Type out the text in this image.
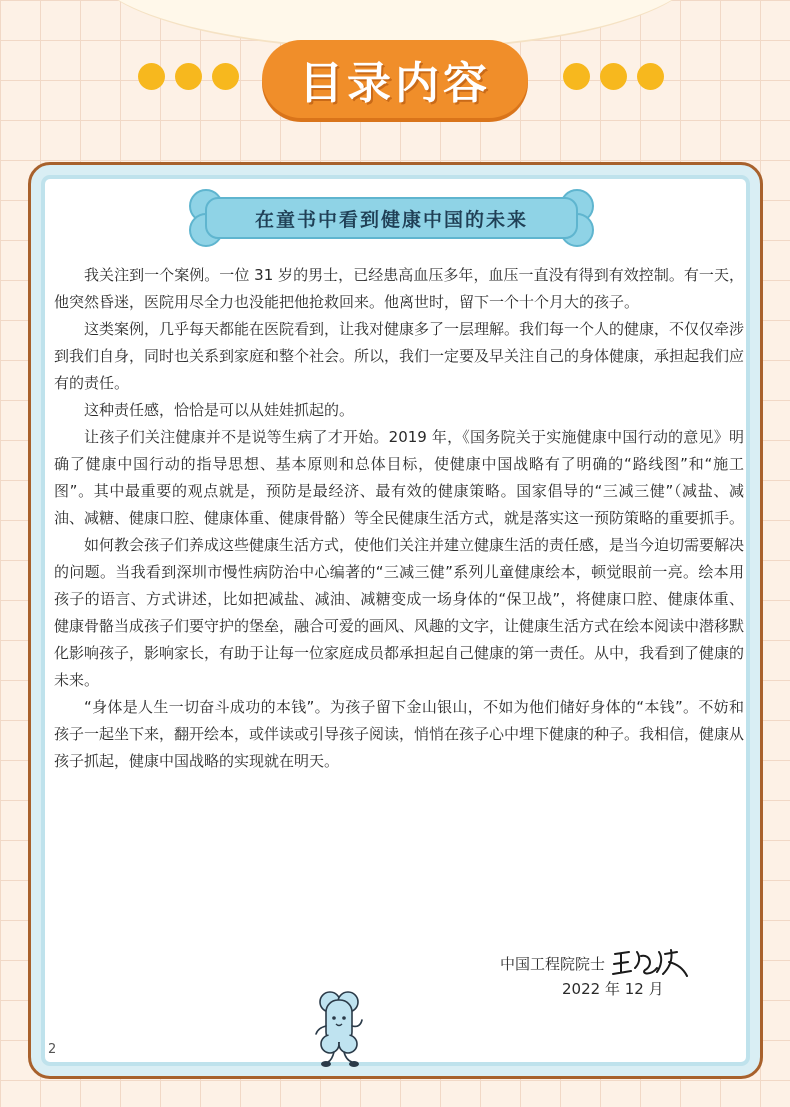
目录内容
在童书中看到健康中国的未来

我关注到一个案例。一位 31 岁的男士，已经患高血压多年，血压一直没有得到有效控制。有一天，他突然昏迷，医院用尽全力也没能把他抢救回来。他离世时，留下一个十个月大的孩子。

这类案例，几乎每天都能在医院看到，让我对健康多了一层理解。我们每一个人的健康，不仅仅牵涉到我们自身，同时也关系到家庭和整个社会。所以，我们一定要及早关注自己的身体健康，承担起我们应有的责任。

这种责任感，恰恰是可以从娃娃抓起的。

让孩子们关注健康并不是说等生病了才开始。2019 年，《国务院关于实施健康中国行动的意见》明确了健康中国行动的指导思想、基本原则和总体目标，使健康中国战略有了明确的“路线图”和“施工图”。其中最重要的观点就是，预防是最经济、最有效的健康策略。国家倡导的“三减三健”（减盐、减油、减糖、健康口腔、健康体重、健康骨骼）等全民健康生活方式，就是落实这一预防策略的重要抓手。

如何教会孩子们养成这些健康生活方式，使他们关注并建立健康生活的责任感，是当今迫切需要解决的问题。当我看到深圳市慢性病防治中心编著的“三减三健”系列儿童健康绘本，顿觉眼前一亮。绘本用孩子的语言、方式讲述，比如把减盐、减油、减糖变成一场身体的“保卫战”，将健康口腔、健康体重、健康骨骼当成孩子们要守护的堡垒，融合可爱的画风、风趣的文字，让健康生活方式在绘本阅读中潜移默化影响孩子，影响家长，有助于让每一位家庭成员都承担起自己健康的第一责任。从中，我看到了健康的未来。

“身体是人生一切奋斗成功的本钱”。为孩子留下金山银山，不如为他们储好身体的“本钱”。不妨和孩子一起坐下来，翻开绘本，或伴读或引导孩子阅读，悄悄在孩子心中埋下健康的种子。我相信，健康从孩子抓起，健康中国战略的实现就在明天。

中国工程院院士
2022 年 12 月
2
